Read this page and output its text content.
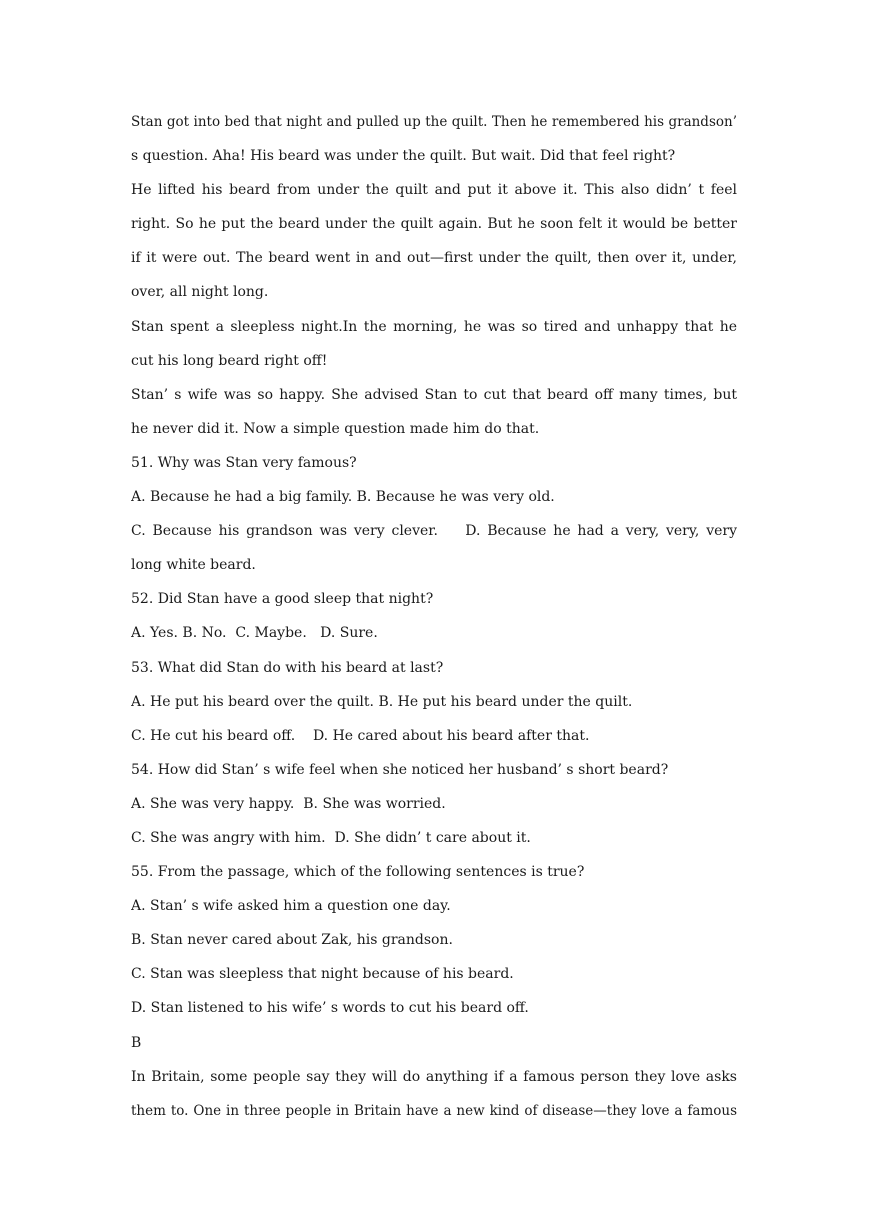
Stan got into bed that night and pulled up the quilt. Then he remembered his grandson’
s question. Aha! His beard was under the quilt. But wait. Did that feel right?
He lifted his beard from under the quilt and put it above it. This also didn’ t feel
right. So he put the beard under the quilt again. But he soon felt it would be better
if it were out. The beard went in and out—first under the quilt, then over it, under,
over, all night long.
Stan spent a sleepless night.In the morning, he was so tired and unhappy that he
cut his long beard right off!
Stan’ s wife was so happy. She advised Stan to cut that beard off many times, but
he never did it. Now a simple question made him do that.
51. Why was Stan very famous?
A. Because he had a big family. B. Because he was very old.
C. Because his grandson was very clever.    D. Because he had a very, very, very
long white beard.
52. Did Stan have a good sleep that night?
A. Yes. B. No.  C. Maybe.   D. Sure.
53. What did Stan do with his beard at last?
A. He put his beard over the quilt. B. He put his beard under the quilt.
C. He cut his beard off.    D. He cared about his beard after that.
54. How did Stan’ s wife feel when she noticed her husband’ s short beard?
A. She was very happy.  B. She was worried.
C. She was angry with him.  D. She didn’ t care about it.
55. From the passage, which of the following sentences is true?
A. Stan’ s wife asked him a question one day.
B. Stan never cared about Zak, his grandson.
C. Stan was sleepless that night because of his beard.
D. Stan listened to his wife’ s words to cut his beard off.
B
In Britain, some people say they will do anything if a famous person they love asks
them to. One in three people in Britain have a new kind of disease—they love a famous
